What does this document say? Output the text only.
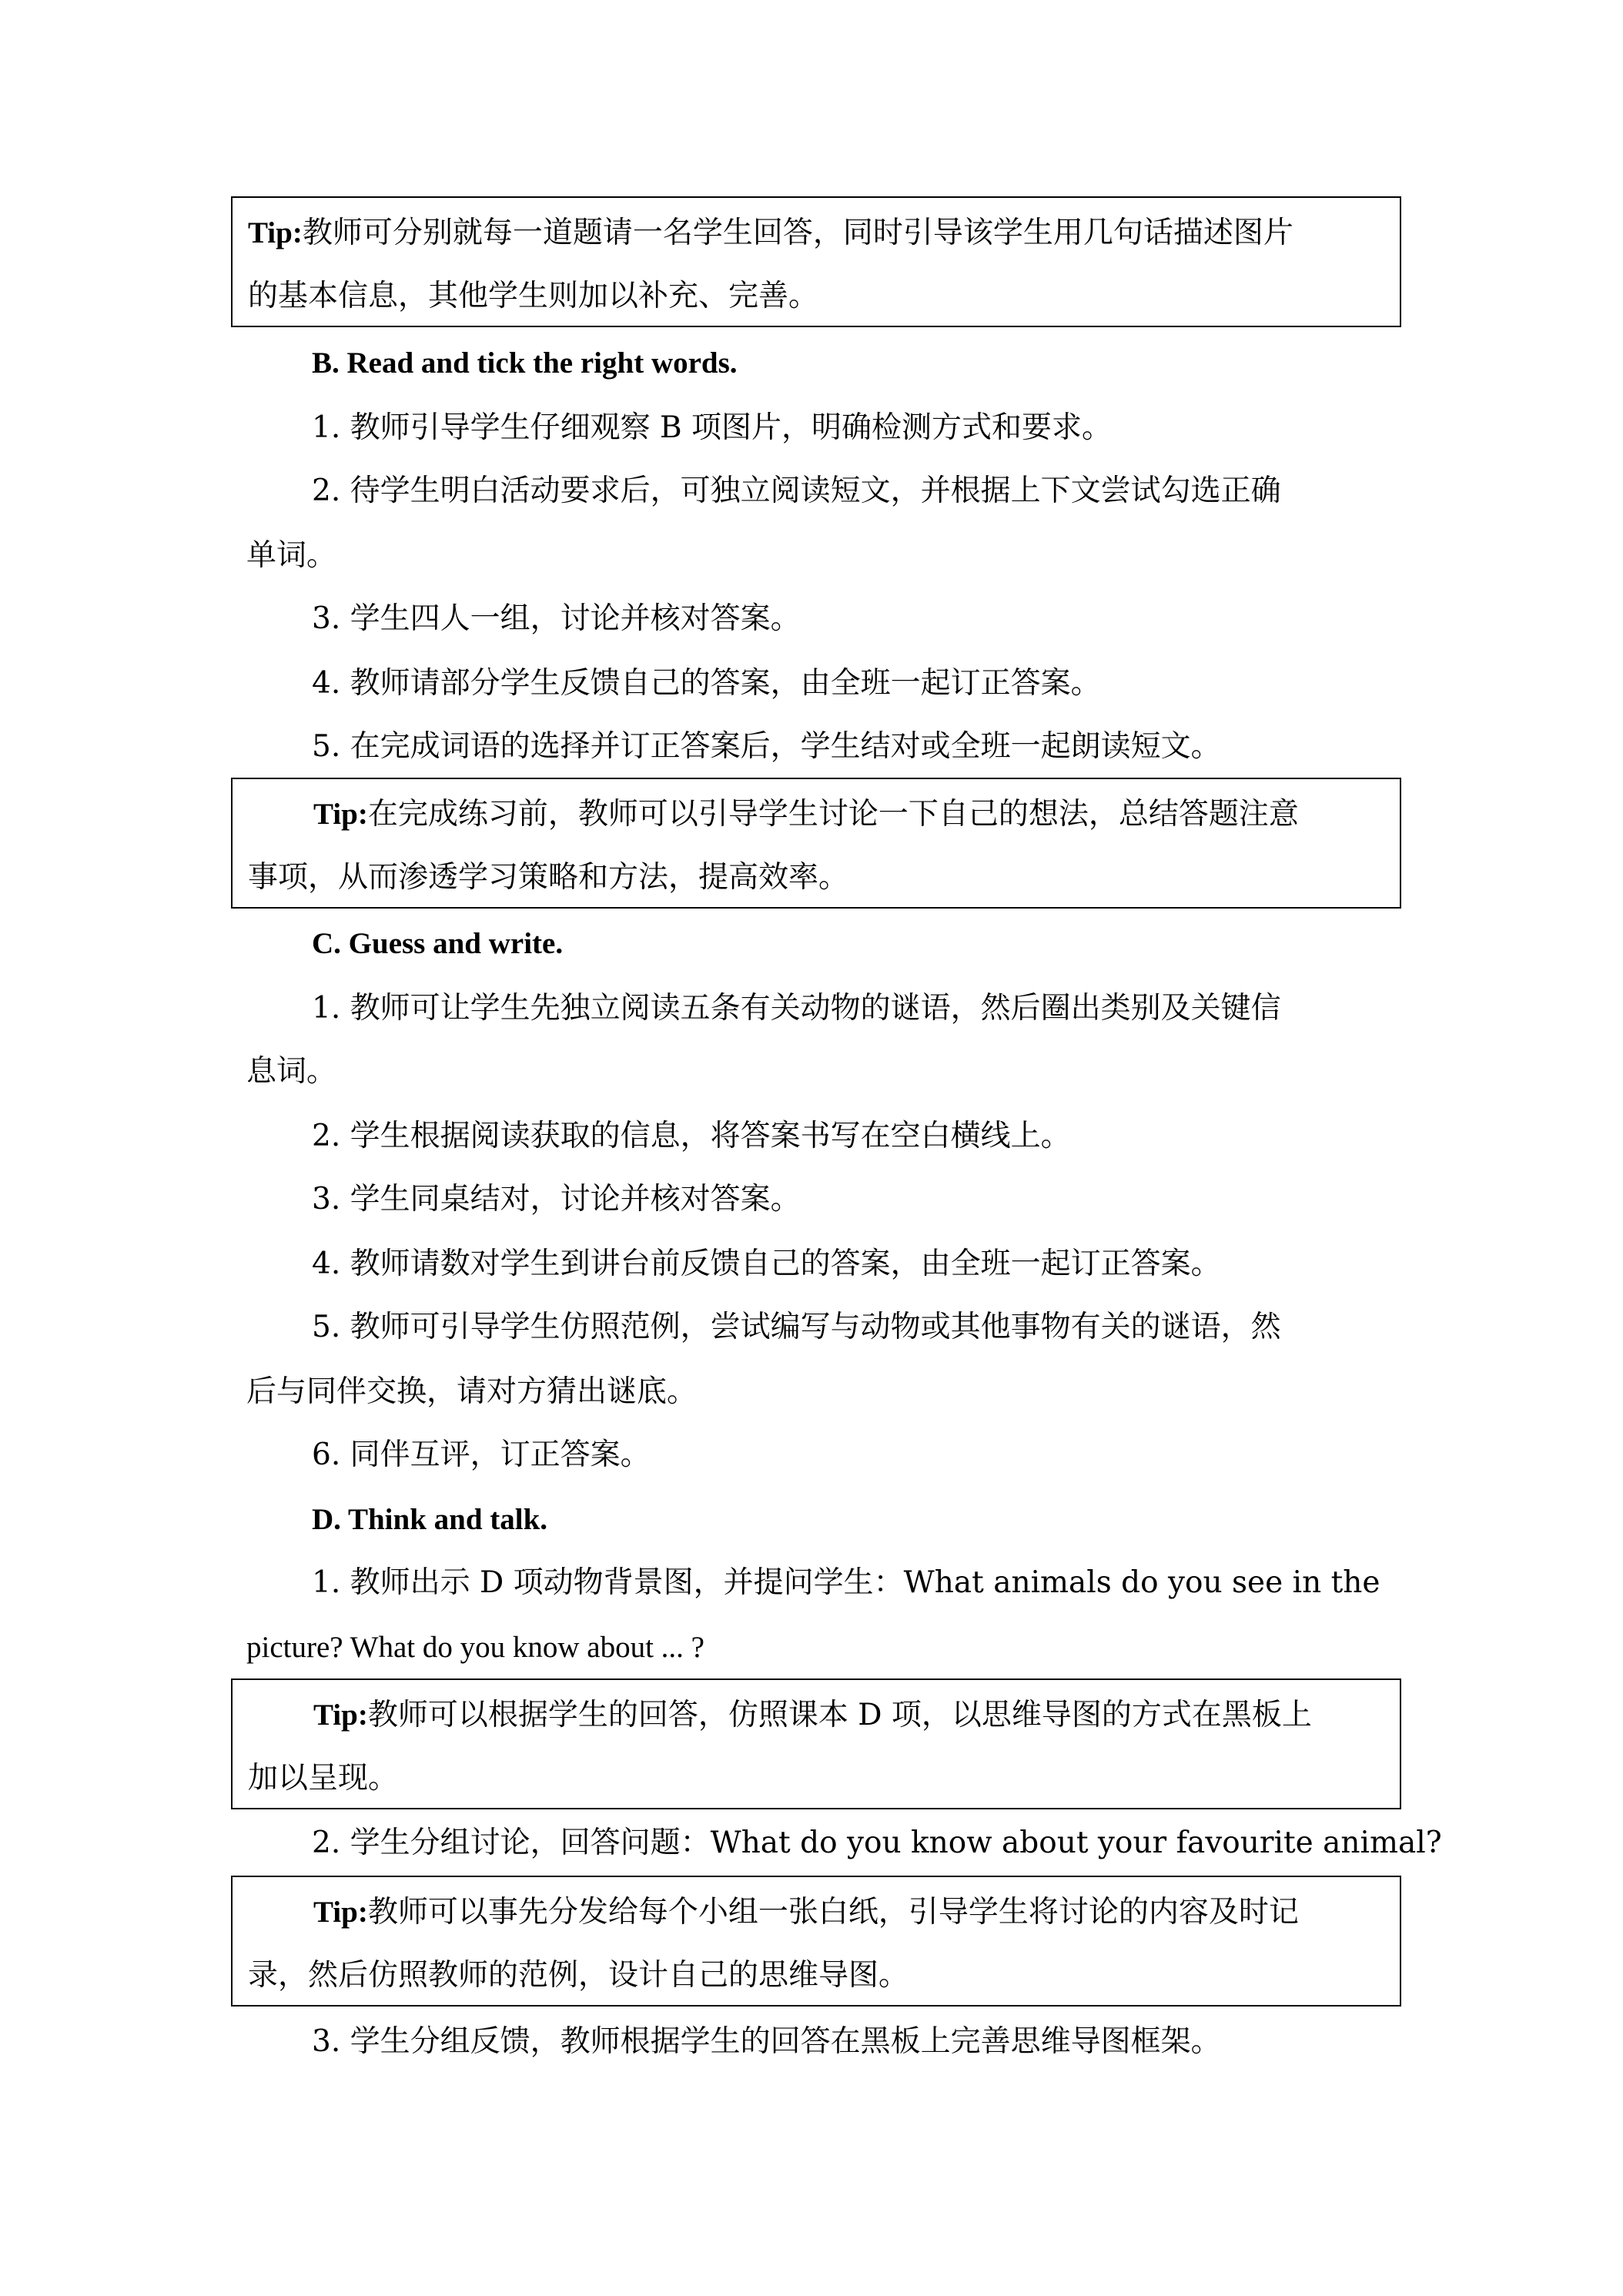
Tip:教师可分别就每一道题请一名学生回答，同时引导该学生用几句话描述图片
的基本信息，其他学生则加以补充、完善。
B. Read and tick the right words.
1. 教师引导学生仔细观察 B 项图片，明确检测方式和要求。
2. 待学生明白活动要求后，可独立阅读短文，并根据上下文尝试勾选正确
单词。
3. 学生四人一组，讨论并核对答案。
4. 教师请部分学生反馈自己的答案，由全班一起订正答案。
5. 在完成词语的选择并订正答案后，学生结对或全班一起朗读短文。
Tip:在完成练习前，教师可以引导学生讨论一下自己的想法，总结答题注意
事项，从而渗透学习策略和方法，提高效率。
C. Guess and write.
1. 教师可让学生先独立阅读五条有关动物的谜语，然后圈出类别及关键信
息词。
2. 学生根据阅读获取的信息，将答案书写在空白横线上。
3. 学生同桌结对，讨论并核对答案。
4. 教师请数对学生到讲台前反馈自己的答案，由全班一起订正答案。
5. 教师可引导学生仿照范例，尝试编写与动物或其他事物有关的谜语，然
后与同伴交换，请对方猜出谜底。
6. 同伴互评，订正答案。
D. Think and talk.
1. 教师出示 D 项动物背景图，并提问学生：What animals do you see in the
picture? What do you know about ... ?
Tip:教师可以根据学生的回答，仿照课本 D 项，以思维导图的方式在黑板上
加以呈现。
2. 学生分组讨论，回答问题：What do you know about your favourite animal?
Tip:教师可以事先分发给每个小组一张白纸，引导学生将讨论的内容及时记
录，然后仿照教师的范例，设计自己的思维导图。
3. 学生分组反馈，教师根据学生的回答在黑板上完善思维导图框架。
